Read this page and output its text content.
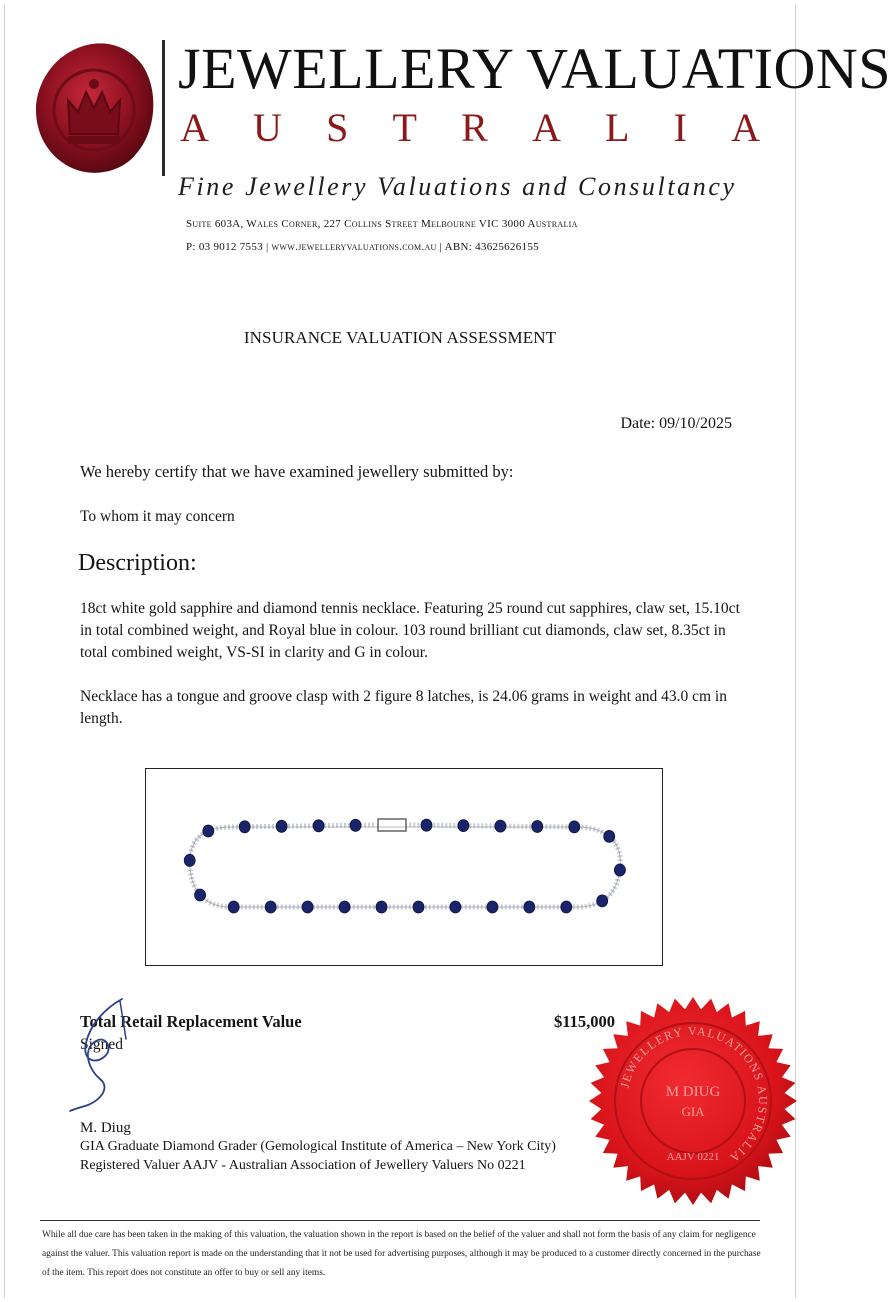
JEWELLERY VALUATIONS
A U S T R A L I A
Fine Jewellery Valuations and Consultancy
Suite 603A, Wales Corner, 227 Collins Street Melbourne VIC 3000 Australia
P: 03 9012 7553 | www.jewelleryvaluations.com.au | ABN: 43625626155
INSURANCE VALUATION ASSESSMENT
Date: 09/10/2025
We hereby certify that we have examined jewellery submitted by:
To whom it may concern
Description:
18ct white gold sapphire and diamond tennis necklace. Featuring 25 round cut sapphires, claw set, 15.10ct in total combined weight, and Royal blue in colour. 103 round brilliant cut diamonds, claw set, 8.35ct in total combined weight, VS-SI in clarity and G in colour.
Necklace has a tongue and groove clasp with 2 figure 8 latches, is 24.06 grams in weight and 43.0 cm in length.
Total Retail Replacement Value	$115,000
Signed
M. Diug
GIA Graduate Diamond Grader (Gemological Institute of America – New York City)
Registered Valuer AAJV - Australian Association of Jewellery Valuers No 0221
JEWELLERY VALUATIONS AUSTRALIA
M DIUG
GIA
AAJV 0221
While all due care has been taken in the making of this valuation, the valuation shown in the report is based on the belief of the valuer and shall not form the basis of any claim for negligence against the valuer. This valuation report is made on the understanding that it not be used for advertising purposes, although it may be produced to a customer directly concerned in the purchase of the item. This report does not constitute an offer to buy or sell any items.
